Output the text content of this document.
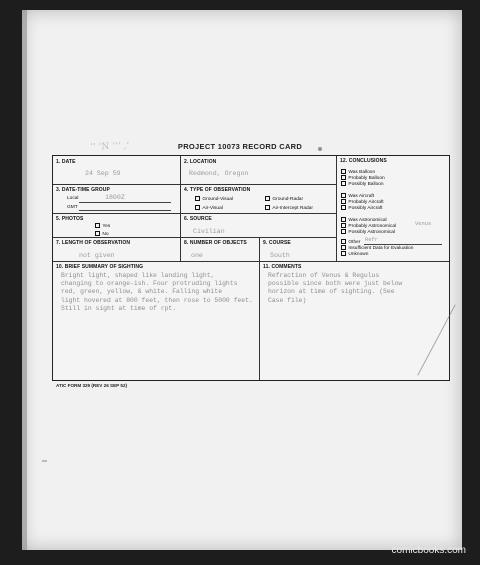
‘’ ‘N ‘‘‘ ,‘	PROJECT 10073 RECORD CARD
1. DATE
24 Sep 59
2. LOCATION
Redmond, Oregon
3. DATE-TIME GROUP
Local	1800Z
GMT
4. TYPE OF OBSERVATION
Ground-Visual	Ground-Radar
Air-Visual	Air-Intercept Radar
5. PHOTOS
Yes
No
6. SOURCE
Civilian
7. LENGTH OF OBSERVATION
not given
8. NUMBER OF OBJECTS
one
9. COURSE
South
12. CONCLUSIONS
Was Balloon
Probably Balloon
Possibly Balloon
Was Aircraft
Probably Aircraft
Possibly Aircraft
Was Astronomical
Probably Astronomical	Venus
Possibly Astronomical
Other Refr
Insufficient Data for Evaluation
Unknown
10. BRIEF SUMMARY OF SIGHTING
Bright light, shaped like landing light,
changing to orange-ish. Four protruding lights
red, green, yellow, & white. Falling white
light hovered at 800 feet, then rose to 5000 feet.
Still in sight at time of rpt.
11. COMMENTS
Refraction of Venus & Regulus
possible since both were just below
horizon at time of sighting. (See
Case file)
ATIC FORM 329 (REV 26 SEP 52)
comicbooks.com
